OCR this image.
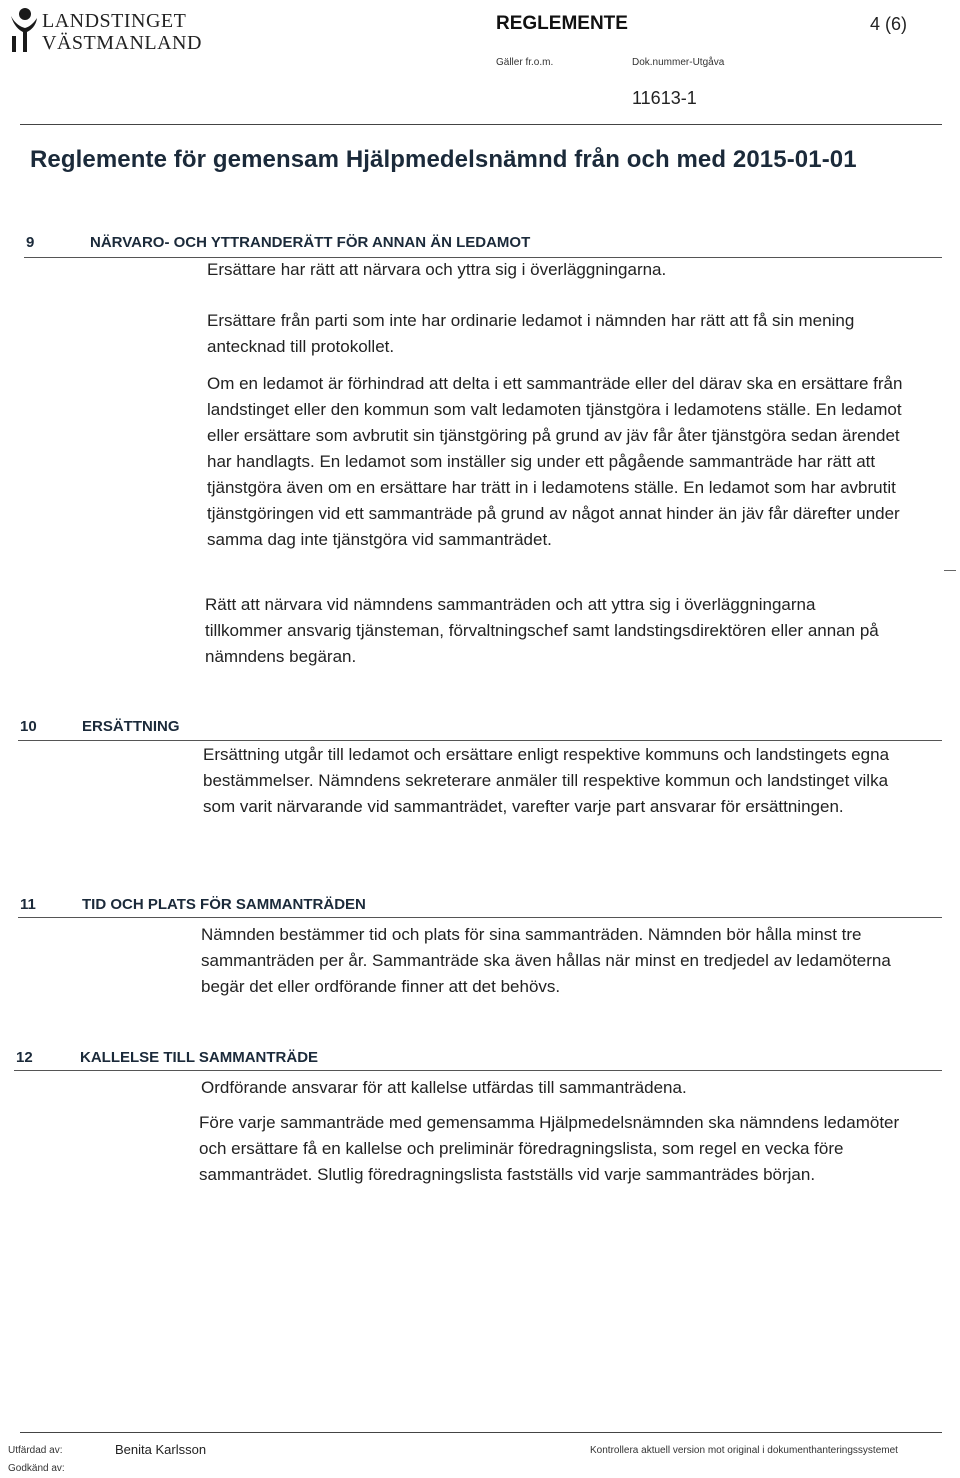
LANDSTINGET
VÄSTMANLAND
REGLEMENTE	4 (6)
Gäller fr.o.m.	Dok.nummer-Utgåva
11613-1
Reglemente för gemensam Hjälpmedelsnämnd från och med 2015-01-01
9	NÄRVARO- OCH YTTRANDERÄTT FÖR ANNAN ÄN LEDAMOT

Ersättare har rätt att närvara och yttra sig i överläggningarna.

Ersättare från parti som inte har ordinarie ledamot i nämnden har rätt att få sin mening antecknad till protokollet.

Om en ledamot är förhindrad att delta i ett sammanträde eller del därav ska en ersättare från landstinget eller den kommun som valt ledamoten tjänstgöra i ledamotens ställe. En ledamot eller ersättare som avbrutit sin tjänstgöring på grund av jäv får åter tjänstgöra sedan ärendet har handlagts. En ledamot som inställer sig under ett pågående sammanträde har rätt att tjänstgöra även om en ersättare har trätt in i ledamotens ställe. En ledamot som har avbrutit tjänstgöringen vid ett sammanträde på grund av något annat hinder än jäv får därefter under samma dag inte tjänstgöra vid sammanträdet.

Rätt att närvara vid nämndens sammanträden och att yttra sig i överläggningarna tillkommer ansvarig tjänsteman, förvaltningschef samt landstingsdirektören eller annan på nämndens begäran.

10	ERSÄTTNING

Ersättning utgår till ledamot och ersättare enligt respektive kommuns och landstingets egna bestämmelser. Nämndens sekreterare anmäler till respektive kommun och landstinget vilka som varit närvarande vid sammanträdet, varefter varje part ansvarar för ersättningen.

11	TID OCH PLATS FÖR SAMMANTRÄDEN

Nämnden bestämmer tid och plats för sina sammanträden. Nämnden bör hålla minst tre sammanträden per år. Sammanträde ska även hållas när minst en tredjedel av ledamöterna begär det eller ordförande finner att det behövs.

12	KALLELSE TILL SAMMANTRÄDE

Ordförande ansvarar för att kallelse utfärdas till sammanträdena.

Före varje sammanträde med gemensamma Hjälpmedelsnämnden ska nämndens ledamöter och ersättare få en kallelse och preliminär föredragningslista, som regel en vecka före sammanträdet. Slutlig föredragningslista fastställs vid varje sammanträdes början.

Utfärdad av:	Benita Karlsson
Godkänd av:
Kontrollera aktuell version mot original i dokumenthanteringssystemet
